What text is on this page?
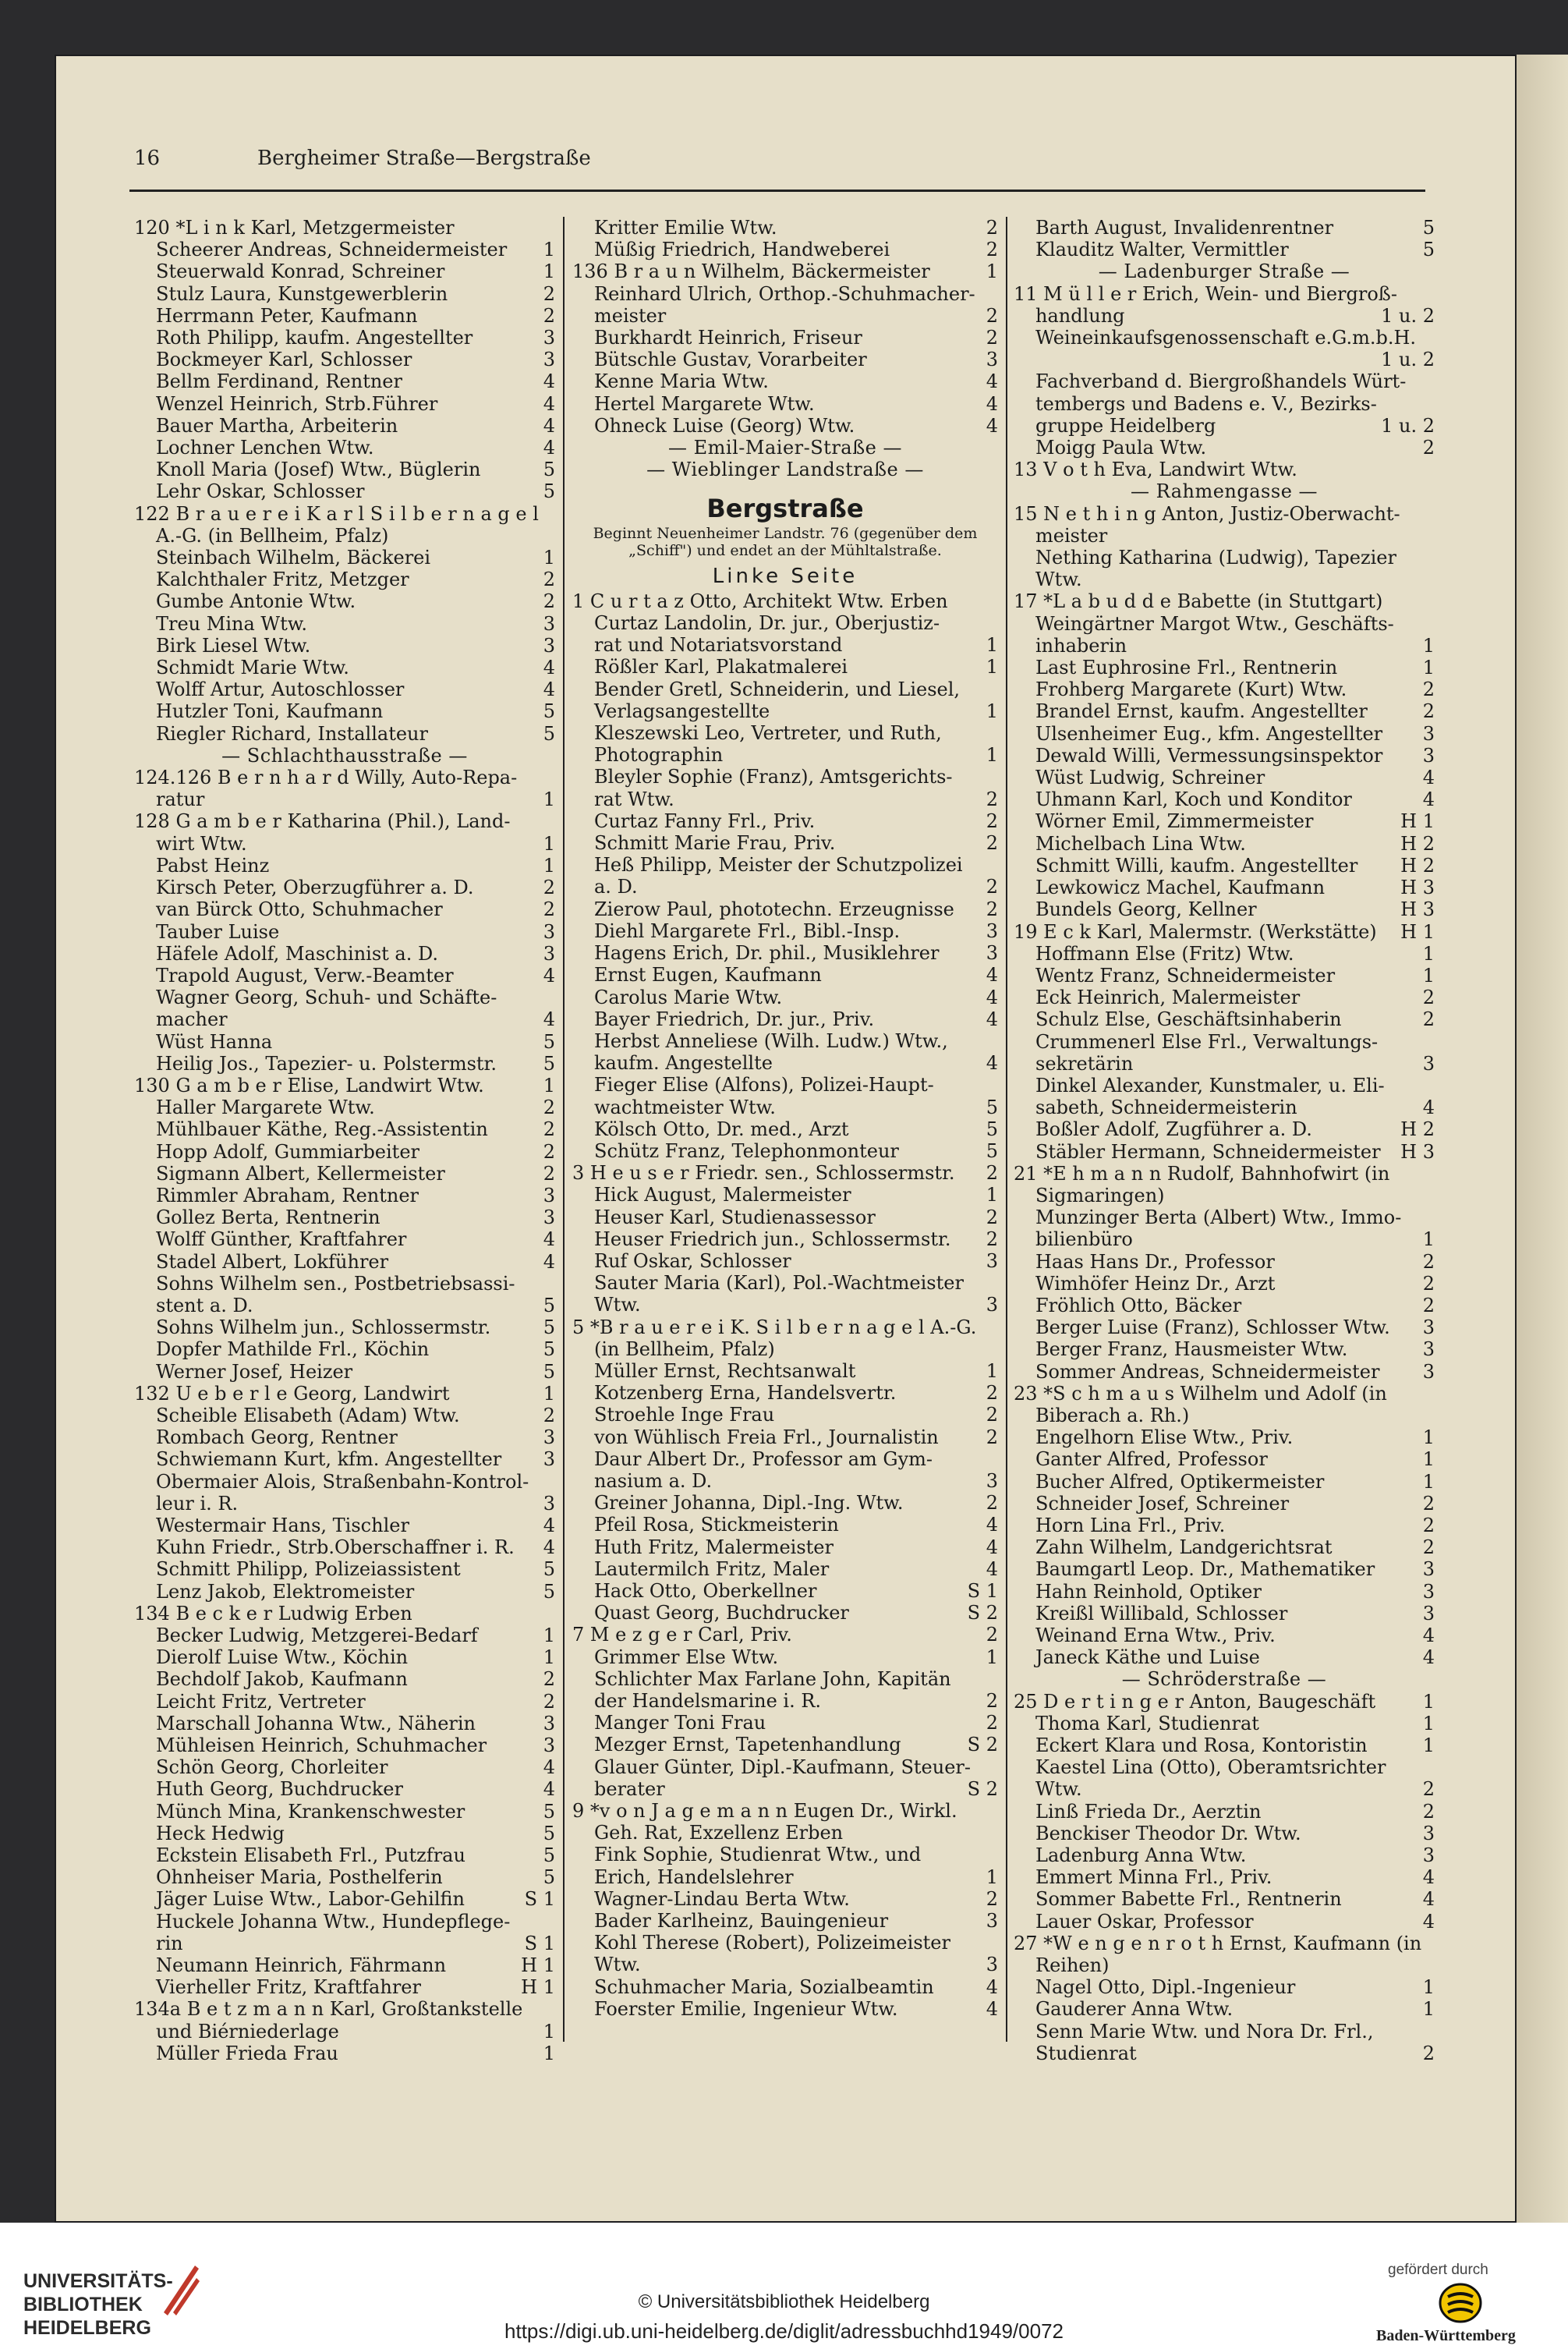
16	Bergheimer Straße—Bergstraße
120 *L i n k Karl, Metzgermeister
Scheerer Andreas, Schneidermeister	1
Steuerwald Konrad, Schreiner	1
Stulz Laura, Kunstgewerblerin	2
Herrmann Peter, Kaufmann	2
Roth Philipp, kaufm. Angestellter	3
Bockmeyer Karl, Schlosser	3
Bellm Ferdinand, Rentner	4
Wenzel Heinrich, Strb.Führer	4
Bauer Martha, Arbeiterin	4
Lochner Lenchen Wtw.	4
Knoll Maria (Josef) Wtw., Büglerin	5
Lehr Oskar, Schlosser	5
122 B r a u e r e i K a r l S i l b e r n a g e l
A.-G. (in Bellheim, Pfalz)
Steinbach Wilhelm, Bäckerei	1
Kalchthaler Fritz, Metzger	2
Gumbe Antonie Wtw.	2
Treu Mina Wtw.	3
Birk Liesel Wtw.	3
Schmidt Marie Wtw.	4
Wolff Artur, Autoschlosser	4
Hutzler Toni, Kaufmann	5
Riegler Richard, Installateur	5
— Schlachthausstraße —
124.126 B e r n h a r d Willy, Auto-Repa-
ratur	1
128 G a m b e r Katharina (Phil.), Land-
wirt Wtw.	1
Pabst Heinz	1
Kirsch Peter, Oberzugführer a. D.	2
van Bürck Otto, Schuhmacher	2
Tauber Luise	3
Häfele Adolf, Maschinist a. D.	3
Trapold August, Verw.-Beamter	4
Wagner Georg, Schuh- und Schäfte-
macher	4
Wüst Hanna	5
Heilig Jos., Tapezier- u. Polstermstr.	5
130 G a m b e r Elise, Landwirt Wtw.	1
Haller Margarete Wtw.	2
Mühlbauer Käthe, Reg.-Assistentin	2
Hopp Adolf, Gummiarbeiter	2
Sigmann Albert, Kellermeister	2
Rimmler Abraham, Rentner	3
Gollez Berta, Rentnerin	3
Wolff Günther, Kraftfahrer	4
Stadel Albert, Lokführer	4
Sohns Wilhelm sen., Postbetriebsassi-
stent a. D.	5
Sohns Wilhelm jun., Schlossermstr.	5
Dopfer Mathilde Frl., Köchin	5
Werner Josef, Heizer	5
132 U e b e r l e Georg, Landwirt	1
Scheible Elisabeth (Adam) Wtw.	2
Rombach Georg, Rentner	3
Schwiemann Kurt, kfm. Angestellter	3
Obermaier Alois, Straßenbahn-Kontrol-
leur i. R.	3
Westermair Hans, Tischler	4
Kuhn Friedr., Strb.Oberschaffner i. R.	4
Schmitt Philipp, Polizeiassistent	5
Lenz Jakob, Elektromeister	5
134 B e c k e r Ludwig Erben
Becker Ludwig, Metzgerei-Bedarf	1
Dierolf Luise Wtw., Köchin	1
Bechdolf Jakob, Kaufmann	2
Leicht Fritz, Vertreter	2
Marschall Johanna Wtw., Näherin	3
Mühleisen Heinrich, Schuhmacher	3
Schön Georg, Chorleiter	4
Huth Georg, Buchdrucker	4
Münch Mina, Krankenschwester	5
Heck Hedwig	5
Eckstein Elisabeth Frl., Putzfrau	5
Ohnheiser Maria, Posthelferin	5
Jäger Luise Wtw., Labor-Gehilfin	S 1
Huckele Johanna Wtw., Hundepflege-
rin	S 1
Neumann Heinrich, Fährmann	H 1
Vierheller Fritz, Kraftfahrer	H 1
134a B e t z m a n n Karl, Großtankstelle
und Biérniederlage	1
Müller Frieda Frau	1
Kritter Emilie Wtw.	2
Müßig Friedrich, Handweberei	2
136 B r a u n Wilhelm, Bäckermeister	1
Reinhard Ulrich, Orthop.-Schuhmacher-
meister	2
Burkhardt Heinrich, Friseur	2
Bütschle Gustav, Vorarbeiter	3
Kenne Maria Wtw.	4
Hertel Margarete Wtw.	4
Ohneck Luise (Georg) Wtw.	4
— Emil-Maier-Straße —
— Wieblinger Landstraße —
Bergstraße
Beginnt Neuenheimer Landstr. 76 (gegenüber dem
„Schiff") und endet an der Mühltalstraße.
Linke Seite
1 C u r t a z Otto, Architekt Wtw. Erben
Curtaz Landolin, Dr. jur., Oberjustiz-
rat und Notariatsvorstand	1
Rößler Karl, Plakatmalerei	1
Bender Gretl, Schneiderin, und Liesel,
Verlagsangestellte	1
Kleszewski Leo, Vertreter, und Ruth,
Photographin	1
Bleyler Sophie (Franz), Amtsgerichts-
rat Wtw.	2
Curtaz Fanny Frl., Priv.	2
Schmitt Marie Frau, Priv.	2
Heß Philipp, Meister der Schutzpolizei
a. D.	2
Zierow Paul, phototechn. Erzeugnisse	2
Diehl Margarete Frl., Bibl.-Insp.	3
Hagens Erich, Dr. phil., Musiklehrer	3
Ernst Eugen, Kaufmann	4
Carolus Marie Wtw.	4
Bayer Friedrich, Dr. jur., Priv.	4
Herbst Anneliese (Wilh. Ludw.) Wtw.,
kaufm. Angestellte	4
Fieger Elise (Alfons), Polizei-Haupt-
wachtmeister Wtw.	5
Kölsch Otto, Dr. med., Arzt	5
Schütz Franz, Telephonmonteur	5
3 H e u s e r Friedr. sen., Schlossermstr.	2
Hick August, Malermeister	1
Heuser Karl, Studienassessor	2
Heuser Friedrich jun., Schlossermstr.	2
Ruf Oskar, Schlosser	3
Sauter Maria (Karl), Pol.-Wachtmeister
Wtw.	3
5 *B r a u e r e i K. S i l b e r n a g e l A.-G.
(in Bellheim, Pfalz)
Müller Ernst, Rechtsanwalt	1
Kotzenberg Erna, Handelsvertr.	2
Stroehle Inge Frau	2
von Wühlisch Freia Frl., Journalistin	2
Daur Albert Dr., Professor am Gym-
nasium a. D.	3
Greiner Johanna, Dipl.-Ing. Wtw.	2
Pfeil Rosa, Stickmeisterin	4
Huth Fritz, Malermeister	4
Lautermilch Fritz, Maler	4
Hack Otto, Oberkellner	S 1
Quast Georg, Buchdrucker	S 2
7 M e z g e r Carl, Priv.	2
Grimmer Else Wtw.	1
Schlichter Max Farlane John, Kapitän
der Handelsmarine i. R.	2
Manger Toni Frau	2
Mezger Ernst, Tapetenhandlung	S 2
Glauer Günter, Dipl.-Kaufmann, Steuer-
berater	S 2
9 *v o n J a g e m a n n Eugen Dr., Wirkl.
Geh. Rat, Exzellenz Erben
Fink Sophie, Studienrat Wtw., und
Erich, Handelslehrer	1
Wagner-Lindau Berta Wtw.	2
Bader Karlheinz, Bauingenieur	3
Kohl Therese (Robert), Polizeimeister
Wtw.	3
Schuhmacher Maria, Sozialbeamtin	4
Foerster Emilie, Ingenieur Wtw.	4
Barth August, Invalidenrentner	5
Klauditz Walter, Vermittler	5
— Ladenburger Straße —
11 M ü l l e r Erich, Wein- und Biergroß-
handlung	1 u. 2
Weineinkaufsgenossenschaft e.G.m.b.H.
1 u. 2
Fachverband d. Biergroßhandels Würt-
tembergs und Badens e. V., Bezirks-
gruppe Heidelberg	1 u. 2
Moigg Paula Wtw.	2
13 V o t h Eva, Landwirt Wtw.
— Rahmengasse —
15 N e t h i n g Anton, Justiz-Oberwacht-
meister
Nething Katharina (Ludwig), Tapezier
Wtw.
17 *L a b u d d e Babette (in Stuttgart)
Weingärtner Margot Wtw., Geschäfts-
inhaberin	1
Last Euphrosine Frl., Rentnerin	1
Frohberg Margarete (Kurt) Wtw.	2
Brandel Ernst, kaufm. Angestellter	2
Ulsenheimer Eug., kfm. Angestellter	3
Dewald Willi, Vermessungsinspektor	3
Wüst Ludwig, Schreiner	4
Uhmann Karl, Koch und Konditor	4
Wörner Emil, Zimmermeister	H 1
Michelbach Lina Wtw.	H 2
Schmitt Willi, kaufm. Angestellter	H 2
Lewkowicz Machel, Kaufmann	H 3
Bundels Georg, Kellner	H 3
19 E c k Karl, Malermstr. (Werkstätte)	H 1
Hoffmann Else (Fritz) Wtw.	1
Wentz Franz, Schneidermeister	1
Eck Heinrich, Malermeister	2
Schulz Else, Geschäftsinhaberin	2
Crummenerl Else Frl., Verwaltungs-
sekretärin	3
Dinkel Alexander, Kunstmaler, u. Eli-
sabeth, Schneidermeisterin	4
Boßler Adolf, Zugführer a. D.	H 2
Stäbler Hermann, Schneidermeister	H 3
21 *E h m a n n Rudolf, Bahnhofwirt (in
Sigmaringen)
Munzinger Berta (Albert) Wtw., Immo-
bilienbüro	1
Haas Hans Dr., Professor	2
Wimhöfer Heinz Dr., Arzt	2
Fröhlich Otto, Bäcker	2
Berger Luise (Franz), Schlosser Wtw.	3
Berger Franz, Hausmeister Wtw.	3
Sommer Andreas, Schneidermeister	3
23 *S c h m a u s Wilhelm und Adolf (in
Biberach a. Rh.)
Engelhorn Elise Wtw., Priv.	1
Ganter Alfred, Professor	1
Bucher Alfred, Optikermeister	1
Schneider Josef, Schreiner	2
Horn Lina Frl., Priv.	2
Zahn Wilhelm, Landgerichtsrat	2
Baumgartl Leop. Dr., Mathematiker	3
Hahn Reinhold, Optiker	3
Kreißl Willibald, Schlosser	3
Weinand Erna Wtw., Priv.	4
Janeck Käthe und Luise	4
— Schröderstraße —
25 D e r t i n g e r Anton, Baugeschäft	1
Thoma Karl, Studienrat	1
Eckert Klara und Rosa, Kontoristin	1
Kaestel Lina (Otto), Oberamtsrichter
Wtw.	2
Linß Frieda Dr., Aerztin	2
Benckiser Theodor Dr. Wtw.	3
Ladenburg Anna Wtw.	3
Emmert Minna Frl., Priv.	4
Sommer Babette Frl., Rentnerin	4
Lauer Oskar, Professor	4
27 *W e n g e n r o t h Ernst, Kaufmann (in
Reihen)
Nagel Otto, Dipl.-Ingenieur	1
Gauderer Anna Wtw.	1
Senn Marie Wtw. und Nora Dr. Frl.,
Studienrat	2
UNIVERSITÄTS-
BIBLIOTHEK
HEIDELBERG
© Universitätsbibliothek Heidelberg
https://digi.ub.uni-heidelberg.de/diglit/adressbuchhd1949/0072
gefördert durch
Baden-Württemberg
